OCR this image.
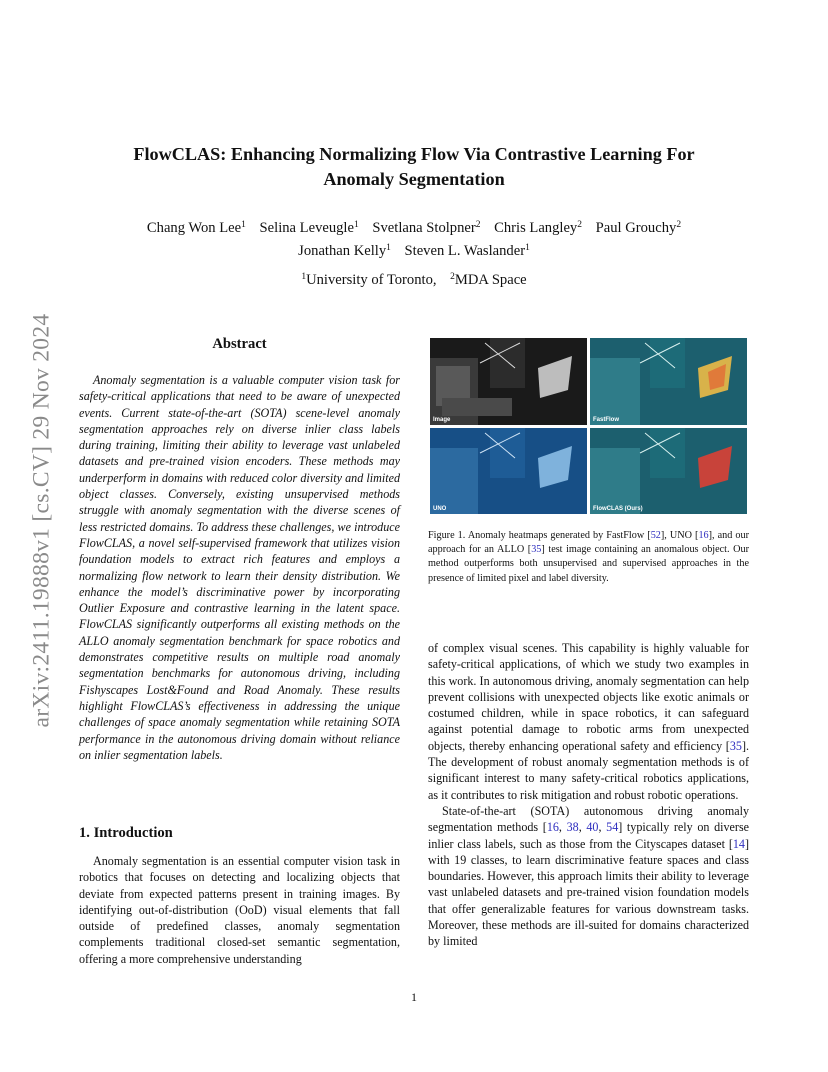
arXiv:2411.19888v1 [cs.CV] 29 Nov 2024
FlowCLAS: Enhancing Normalizing Flow Via Contrastive Learning For
Anomaly Segmentation
Chang Won Lee$^1$ Selina Leveugle$^1$ Svetlana Stolpner$^2$ Chris Langley$^2$ Paul Grouchy$^2$
Jonathan Kelly$^1$ Steven L. Waslander$^1$
$^1$University of Toronto, $^2$MDA Space
Abstract

Anomaly segmentation is a valuable computer vision task for safety-critical applications that need to be aware of unexpected events. Current state-of-the-art (SOTA) scene-level anomaly segmentation approaches rely on diverse inlier class labels during training, limiting their ability to leverage vast unlabeled datasets and pre-trained vision encoders. These methods may underperform in domains with reduced color diversity and limited object classes. Conversely, existing unsupervised methods struggle with anomaly segmentation with the diverse scenes of less restricted domains. To address these challenges, we introduce FlowCLAS, a novel self-supervised framework that utilizes vision foundation models to extract rich features and employs a normalizing flow network to learn their density distribution. We enhance the model’s discriminative power by incorporating Outlier Exposure and contrastive learning in the latent space. FlowCLAS significantly outperforms all existing methods on the ALLO anomaly segmentation benchmark for space robotics and demonstrates competitive results on multiple road anomaly segmentation benchmarks for autonomous driving, including Fishyscapes Lost&Found and Road Anomaly. These results highlight FlowCLAS’s effectiveness in addressing the unique challenges of space anomaly segmentation while retaining SOTA performance in the autonomous driving domain without reliance on inlier segmentation labels.

1. Introduction

Anomaly segmentation is an essential computer vision task in robotics that focuses on detecting and localizing objects that deviate from expected patterns present in training images. By identifying out-of-distribution (OoD) visual elements that fall outside of predefined classes, anomaly segmentation complements traditional closed-set semantic segmentation, offering a more comprehensive understanding

Image	FastFlow
UNO	FlowCLAS (Ours)

Figure 1. Anomaly heatmaps generated by FastFlow [52], UNO [16], and our approach for an ALLO [35] test image containing an anomalous object. Our method outperforms both unsupervised and supervised approaches in the presence of limited pixel and label diversity.

of complex visual scenes. This capability is highly valuable for safety-critical applications, of which we study two examples in this work. In autonomous driving, anomaly segmentation can help prevent collisions with unexpected objects like exotic animals or costumed children, while in space robotics, it can safeguard against potential damage to robotic arms from unexpected objects, thereby enhancing operational safety and efficiency [35]. The development of robust anomaly segmentation methods is of significant interest to many safety-critical robotics applications, as it contributes to risk mitigation and robust robotic operations.

State-of-the-art (SOTA) autonomous driving anomaly segmentation methods [16, 38, 40, 54] typically rely on diverse inlier class labels, such as those from the Cityscapes dataset [14] with 19 classes, to learn discriminative feature spaces and class boundaries. However, this approach limits their ability to leverage vast unlabeled datasets and pre-trained vision foundation models that offer generalizable features for various downstream tasks. Moreover, these methods are ill-suited for domains characterized by limited

1
